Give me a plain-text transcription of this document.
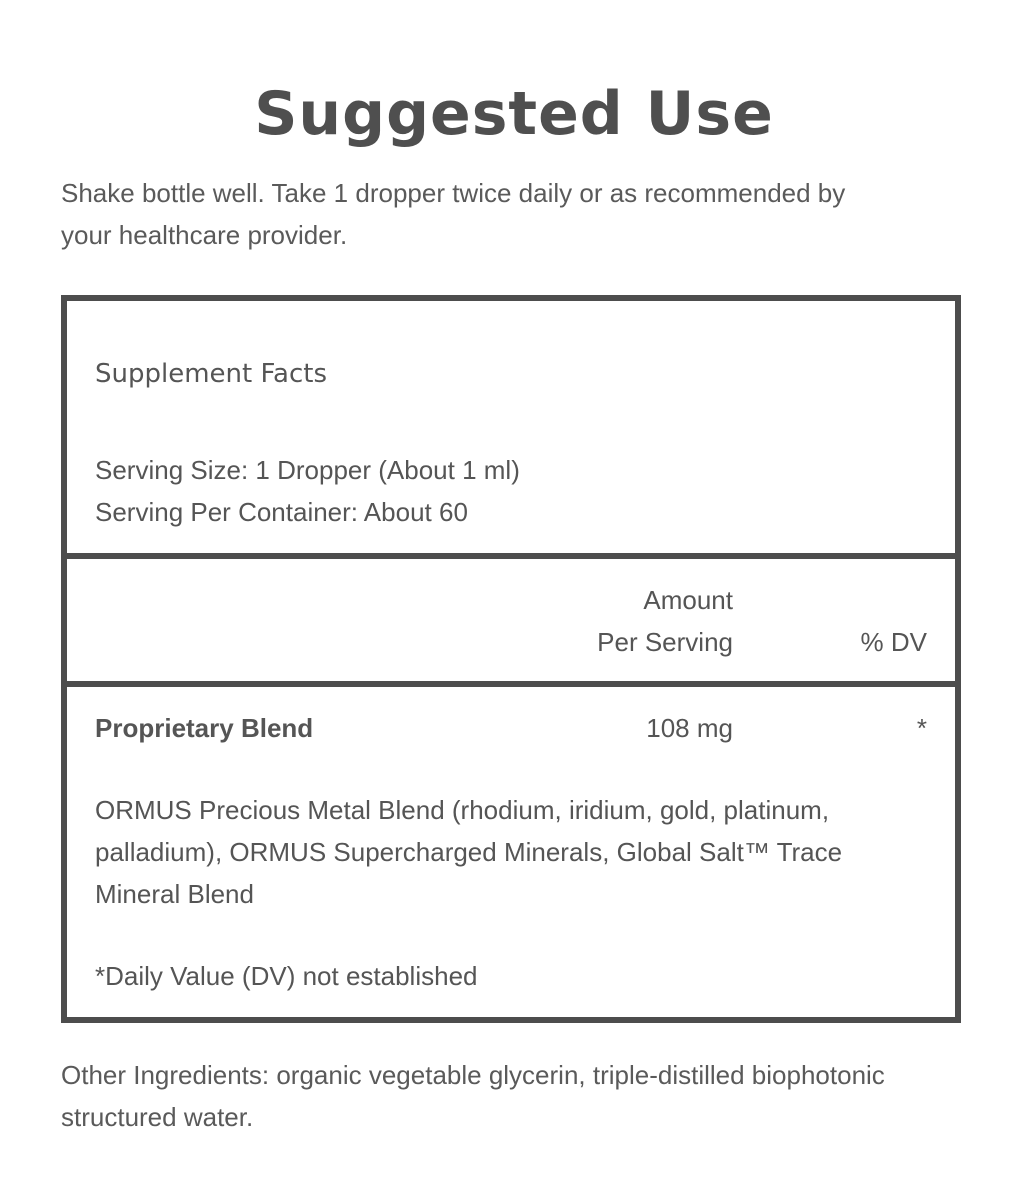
Suggested Use
Shake bottle well. Take 1 dropper twice daily or as recommended by
your healthcare provider.
Supplement Facts
Serving Size: 1 Dropper (About 1 ml)
Serving Per Container: About 60
Amount
Per Serving	% DV
Proprietary Blend	108 mg	*
ORMUS Precious Metal Blend (rhodium, iridium, gold, platinum,
palladium), ORMUS Supercharged Minerals, Global Salt™ Trace
Mineral Blend
*Daily Value (DV) not established
Other Ingredients: organic vegetable glycerin, triple-distilled biophotonic
structured water.
